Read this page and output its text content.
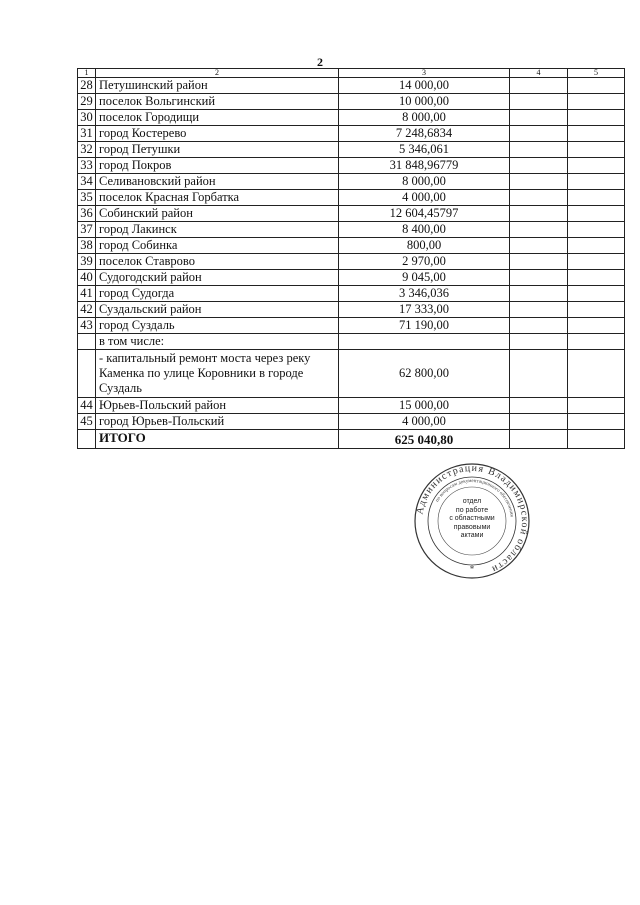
2
1	2	3	4	5
28	Петушинский район	14 000,00		
29	поселок Вольгинский	10 000,00		
30	поселок Городищи	8 000,00		
31	город Костерево	7 248,6834		
32	город Петушки	5 346,061		
33	город Покров	31 848,96779		
34	Селивановский район	8 000,00		
35	поселок Красная Горбатка	4 000,00		
36	Собинский район	12 604,45797		
37	город Лакинск	8 400,00		
38	город Собинка	800,00		
39	поселок Ставрово	2 970,00		
40	Судогодский район	9 045,00		
41	город Судогда	3 346,036		
42	Суздальский район	17 333,00		
43	город Суздаль	71 190,00		
	в том числе:			
	- капитальный ремонт моста через реку Каменка по улице Коровники в городе Суздаль	62 800,00		
44	Юрьев-Польский район	15 000,00		
45	город Юрьев-Польский	4 000,00		
	ИТОГО	625 040,80		
Администрация Владимирской области
по вопросам документационного обеспечения
*
отдел
по работе
с областными
правовыми
актами
